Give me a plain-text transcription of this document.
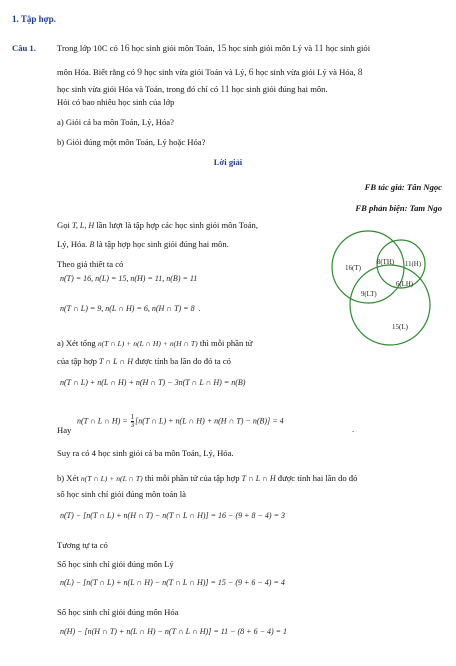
1. Tập hợp.
Câu 1. Trong lớp 10C có 16 học sinh giỏi môn Toán, 15 học sinh giỏi môn Lý và 11 học sinh giỏi
môn Hóa. Biết rằng có 9 học sinh vừa giỏi Toán và Lý, 6 học sinh vừa giỏi Lý và Hóa, 8
học sinh vừa giỏi Hóa và Toán, trong đó chỉ có 11 học sinh giỏi đúng hai môn.
Hỏi có bao nhiêu học sinh của lớp
a) Giỏi cả ba môn Toán, Lý, Hóa?
b) Giỏi đúng một môn Toán, Lý hoặc Hóa?
Lời giải
FB tác giả: Tân Ngọc
FB phản biện: Tam Ngo
Gọi T, L, H lần lượt là tập hợp các học sinh giỏi môn Toán,
Lý, Hóa. B là tập hợp học sinh giỏi đúng hai môn.
Theo giả thiết ta có
n(T) = 16, n(L) = 15, n(H) = 11, n(B) = 11
n(T ∩ L) = 9, n(L ∩ H) = 6, n(H ∩ T) = 8 .
a) Xét tổng n(T ∩ L) + n(L ∩ H) + n(H ∩ T) thì mỗi phần tử
của tập hợp T ∩ L ∩ H được tính ba lần do đó ta có
n(T ∩ L) + n(L ∩ H) + n(H ∩ T) − 3n(T ∩ L ∩ H) = n(B)
Hay
n(T ∩ L ∩ $H) = \frac{1}{3} [n(T$ ∩ L) + n(L ∩ H) + n(H ∩ T) − n(B)] = 4
.
Suy ra có 4 học sinh giỏi cả ba môn Toán, Lý, Hóa.
b) Xét n(T ∩ L) + n(L ∩ T) thì mỗi phần tử của tập hợp T ∩ L ∩ H được tính hai lần do đó
số học sinh chỉ giỏi đúng môn toán là
n(T) − [n(T ∩ L) + n(H ∩ T) − n(T ∩ L ∩ H)] = 16 − (9 + 8 − 4) = 3
Tương tự ta có
Số học sinh chỉ giỏi đúng môn Lý
n(L) − [n(T ∩ L) + n(L ∩ H) − n(T ∩ L ∩ H)] = 15 − (9 + 6 − 4) = 4
Số học sinh chỉ giỏi đúng môn Hóa
n(H) − [n(H ∩ T) + n(L ∩ H) − n(T ∩ L ∩ H)] = 11 − (8 + 6 − 4) = 1
16(T)
8(TH) 11(H)
9(LT)
6(LH)
15(L)
